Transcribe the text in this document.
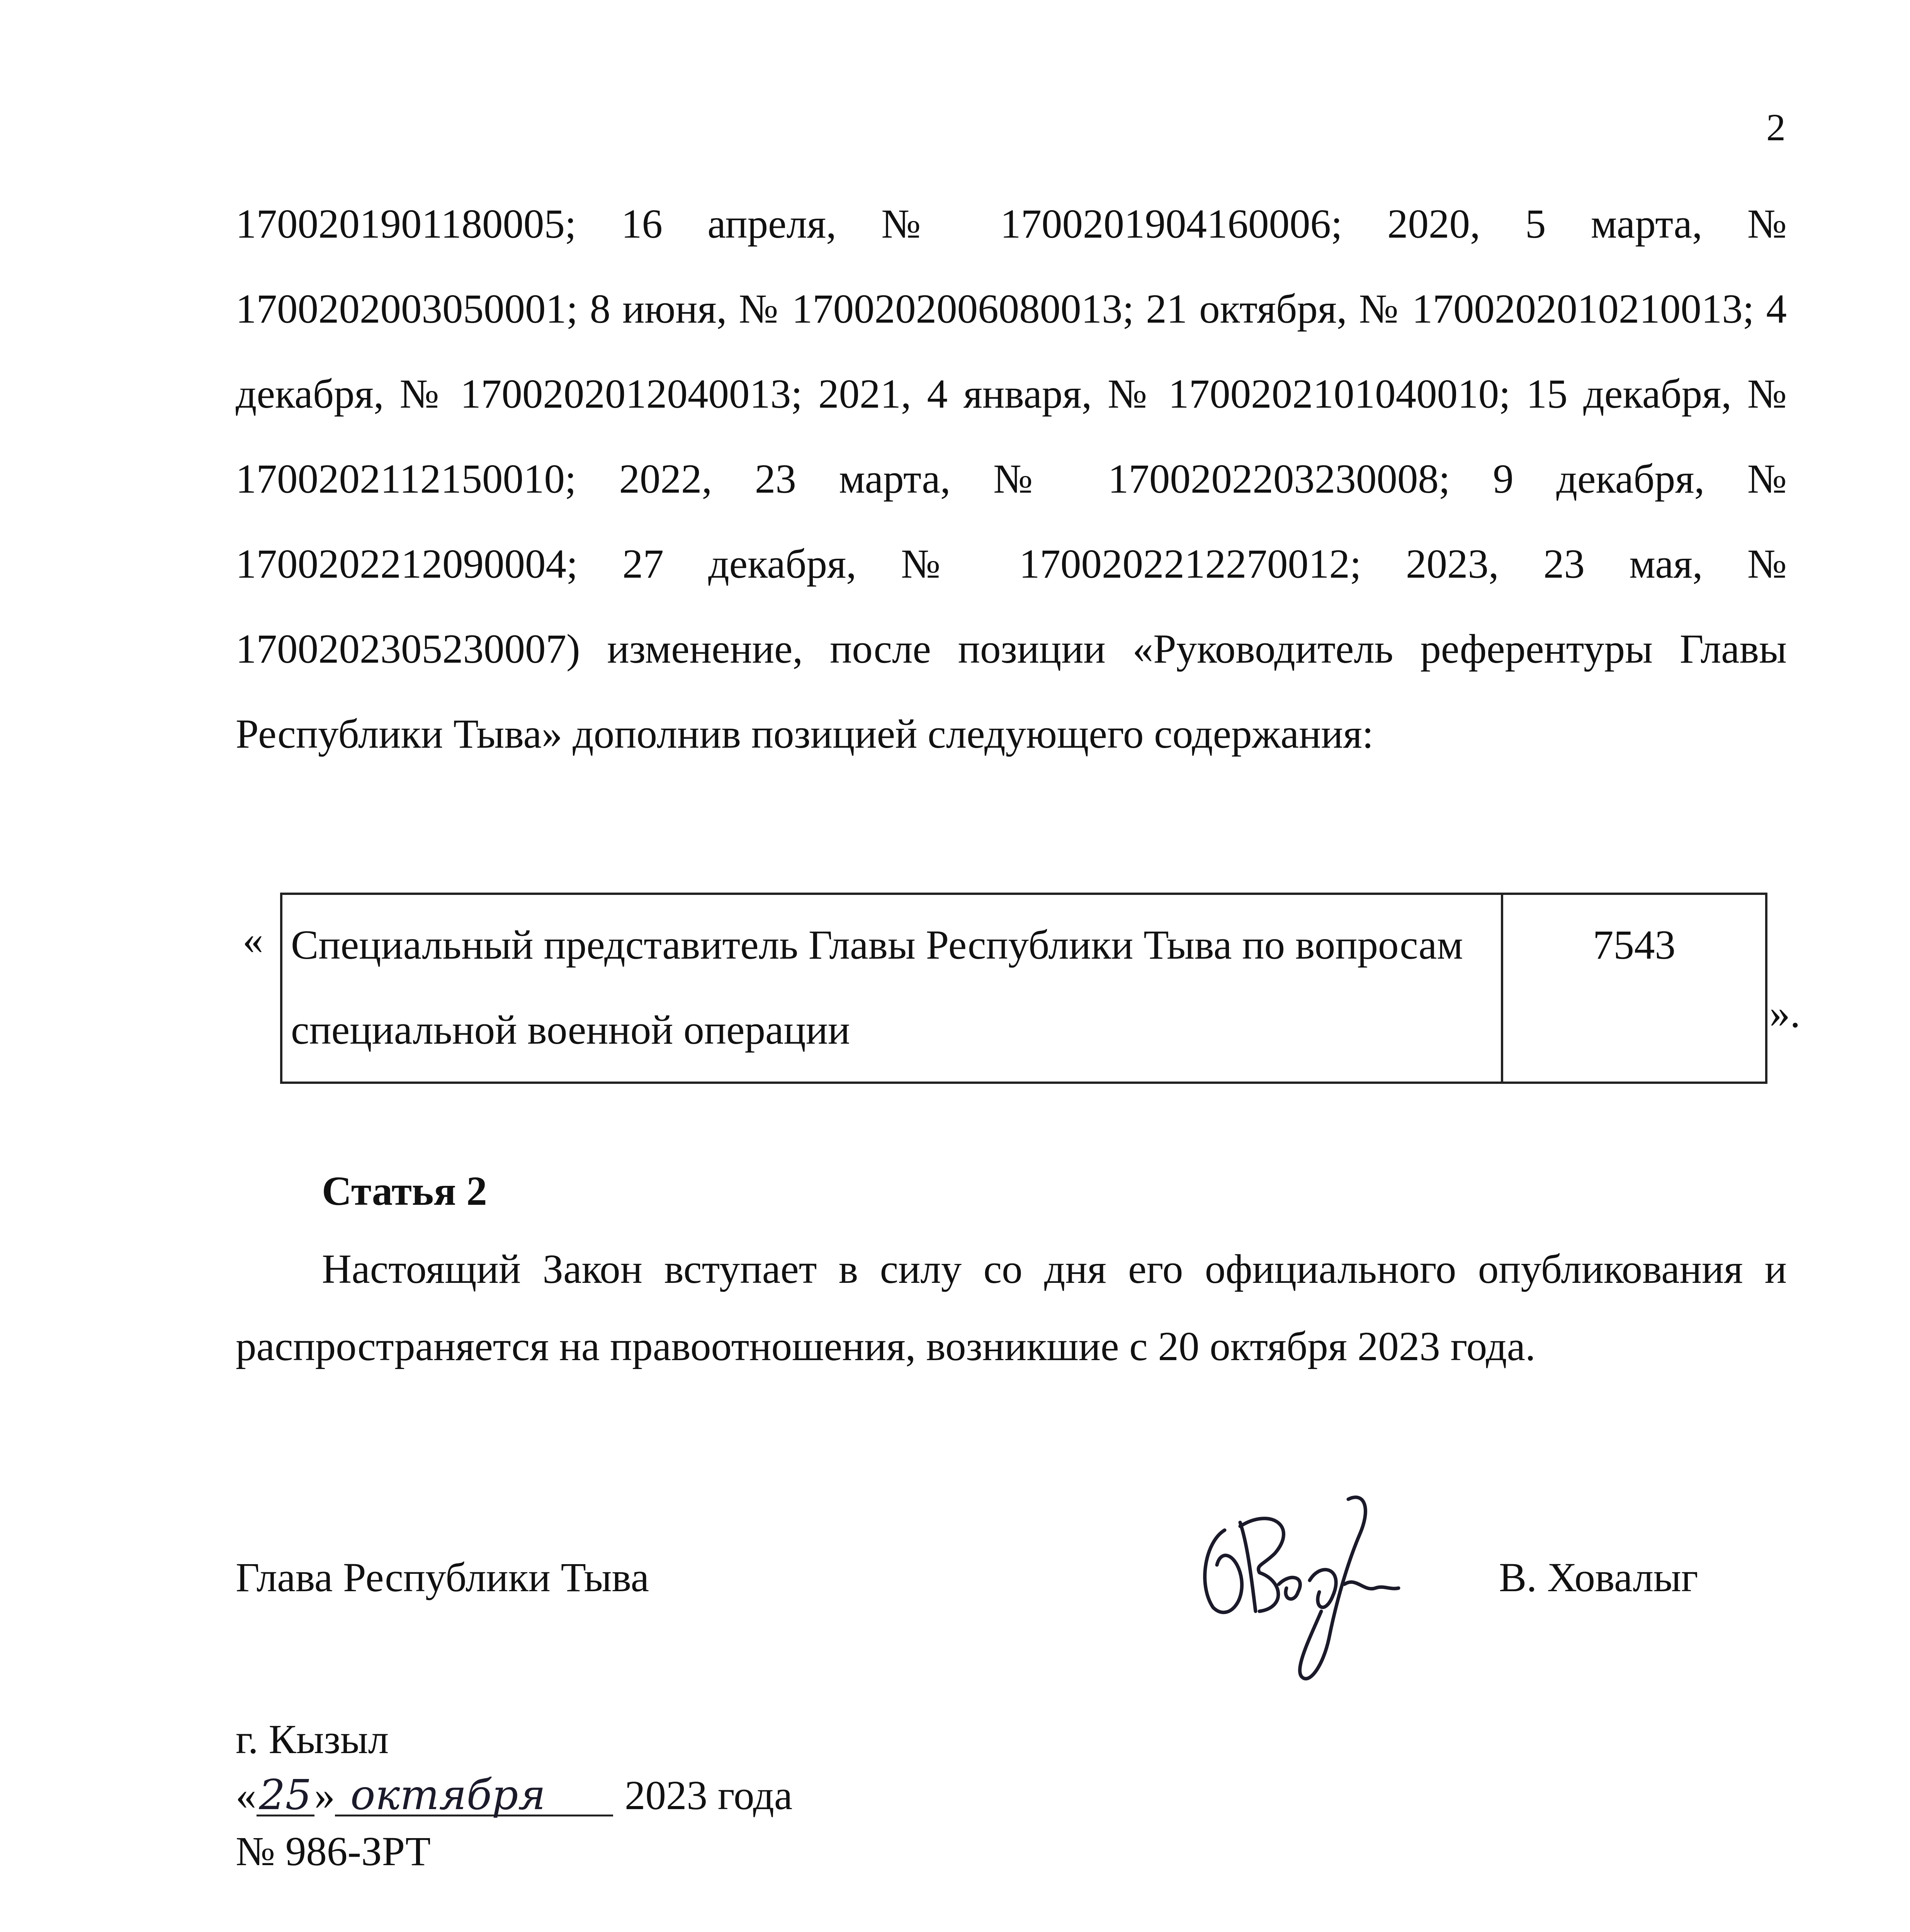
2
1700201901180005; 16 апреля, № 1700201904160006; 2020, 5 марта, № 1700202003050001; 8 июня, № 1700202006080013; 21 октября, № 1700202010210013; 4 декабря, № 1700202012040013; 2021, 4 января, № 1700202101040010; 15 декабря, № 1700202112150010; 2022, 23 марта, № 1700202203230008; 9 декабря, № 1700202212090004; 27 декабря, № 1700202212270012; 2023, 23 мая, № 1700202305230007) изменение, после позиции «Руководитель референтуры Главы Республики Тыва» дополнив позицией следующего содержания:
« Специальный представитель Главы Республики Тыва по вопросам специальной военной операции	7543
».
Статья 2
Настоящий Закон вступает в силу со дня его официального опубликования и распространяется на правоотношения, возникшие с 20 октября 2023 года.
Глава Республики Тыва	В. Ховалыг
г. Кызыл
«25» октября 2023 года
№ 986-ЗРТ
